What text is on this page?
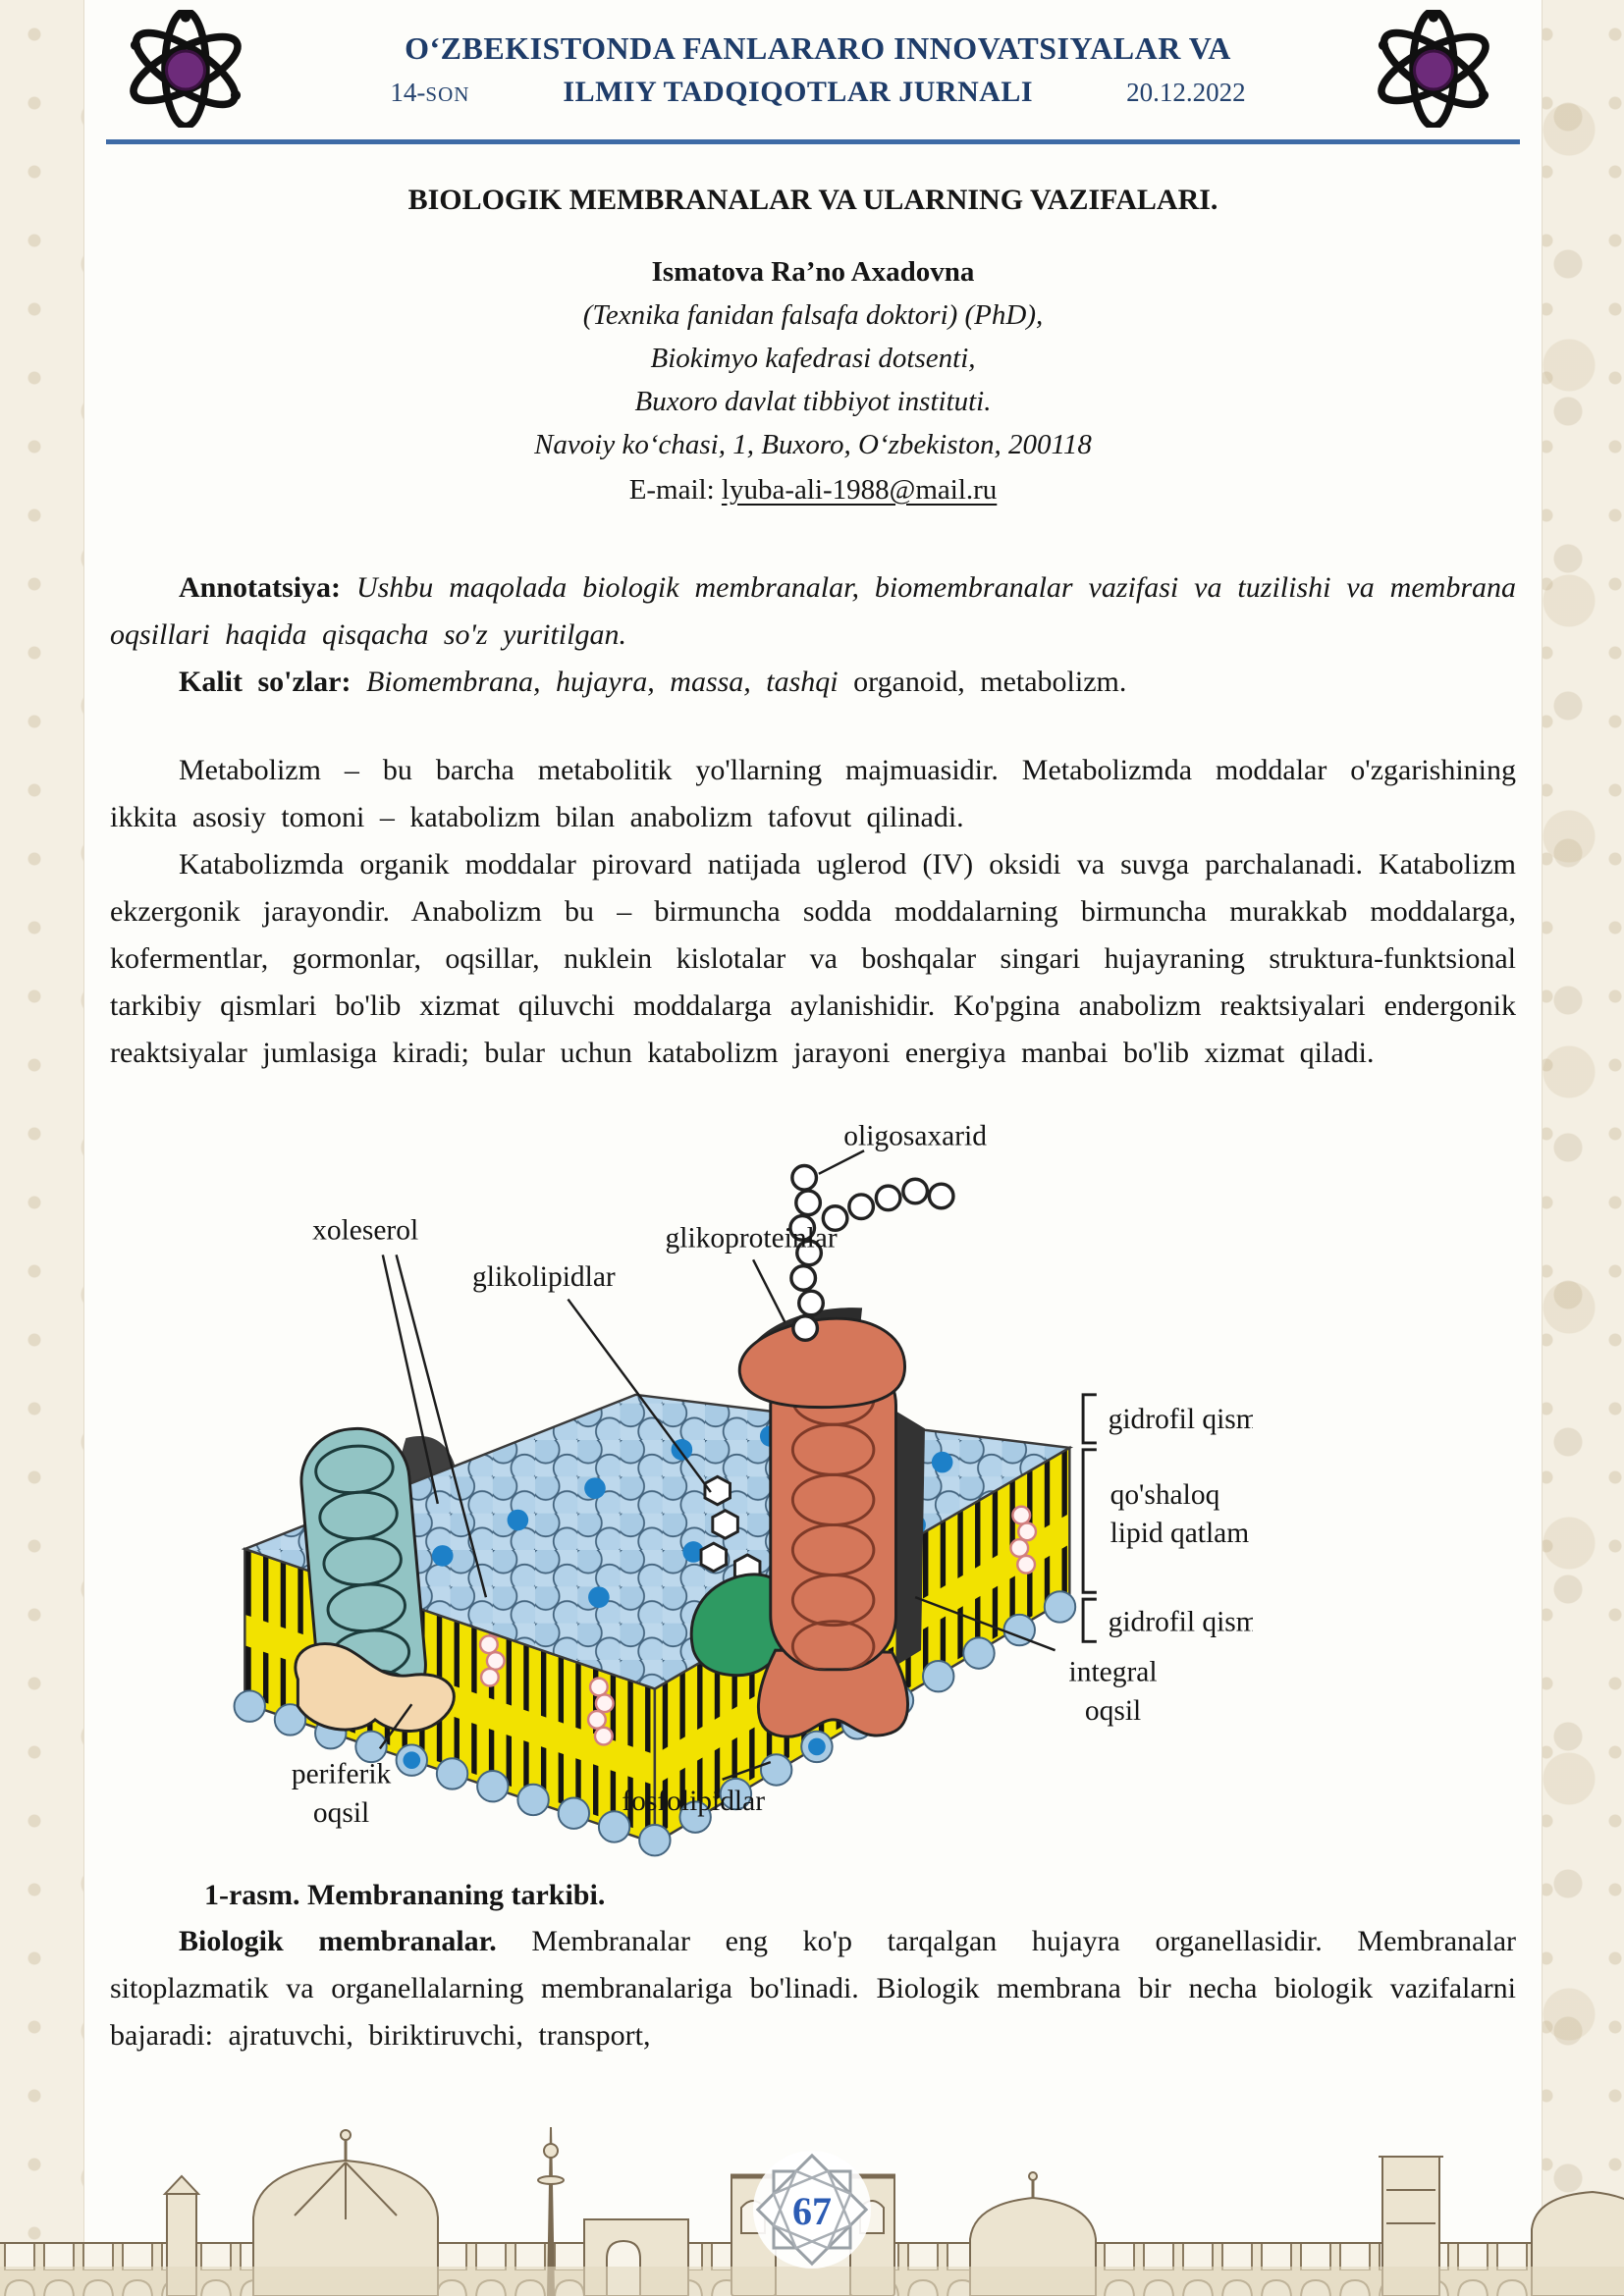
67
OʻZBEKISTONDA FANLARARO INNOVATSIYALAR VA
14-SON	ILMIY TADQIQOTLAR JURNALI	20.12.2022
BIOLOGIK MEMBRANALAR VA ULARNING VAZIFALARI.
Ismatova Ra’no Axadovna
(Texnika fanidan falsafa doktori) (PhD),
Biokimyo kafedrasi dotsenti,
Buxoro davlat tibbiyot instituti.
Navoiy koʻchasi, 1, Buxoro, Oʻzbekiston, 200118
E-mail: lyuba-ali-1988@mail.ru

Annotatsiya: Ushbu maqolada biologik membranalar, biomembranalar vazifasi va tuzilishi va membrana oqsillari haqida qisqacha so'z yuritilgan.

Kalit so'zlar: Biomembrana, hujayra, massa, tashqi organoid, metabolizm.

Metabolizm – bu barcha metabolitik yo'llarning majmuasidir. Metabolizmda moddalar o'zgarishining ikkita asosiy tomoni – katabolizm bilan anabolizm tafovut qilinadi.

Katabolizmda organik moddalar pirovard natijada uglerod (IV) oksidi va suvga parchalanadi. Katabolizm ekzergonik jarayondir. Anabolizm bu – birmuncha sodda moddalarning birmuncha murakkab moddalarga, kofermentlar, gormonlar, oqsillar, nuklein kislotalar va boshqalar singari hujayraning struktura-funktsional tarkibiy qismlari bo'lib xizmat qiluvchi moddalarga aylanishidir. Ko'pgina anabolizm reaktsiyalari endergonik reaktsiyalar jumlasiga kiradi; bular uchun katabolizm jarayoni energiya manbai bo'lib xizmat qiladi.

oligosaxarid
xoleserol
glikolipidlar
glikoproteinlar
gidrofil qism
qo'shaloq
lipid qatlam
gidrofil qism
integral
oqsil
periferik
oqsil	fosfolipidlar

1-rasm. Membrananing tarkibi.

Biologik membranalar. Membranalar eng ko'p tarqalgan hujayra organellasidir. Membranalar sitoplazmatik va organellalarning membranalariga bo'linadi. Biologik membrana bir necha biologik vazifalarni bajaradi: ajratuvchi, biriktiruvchi, transport,
